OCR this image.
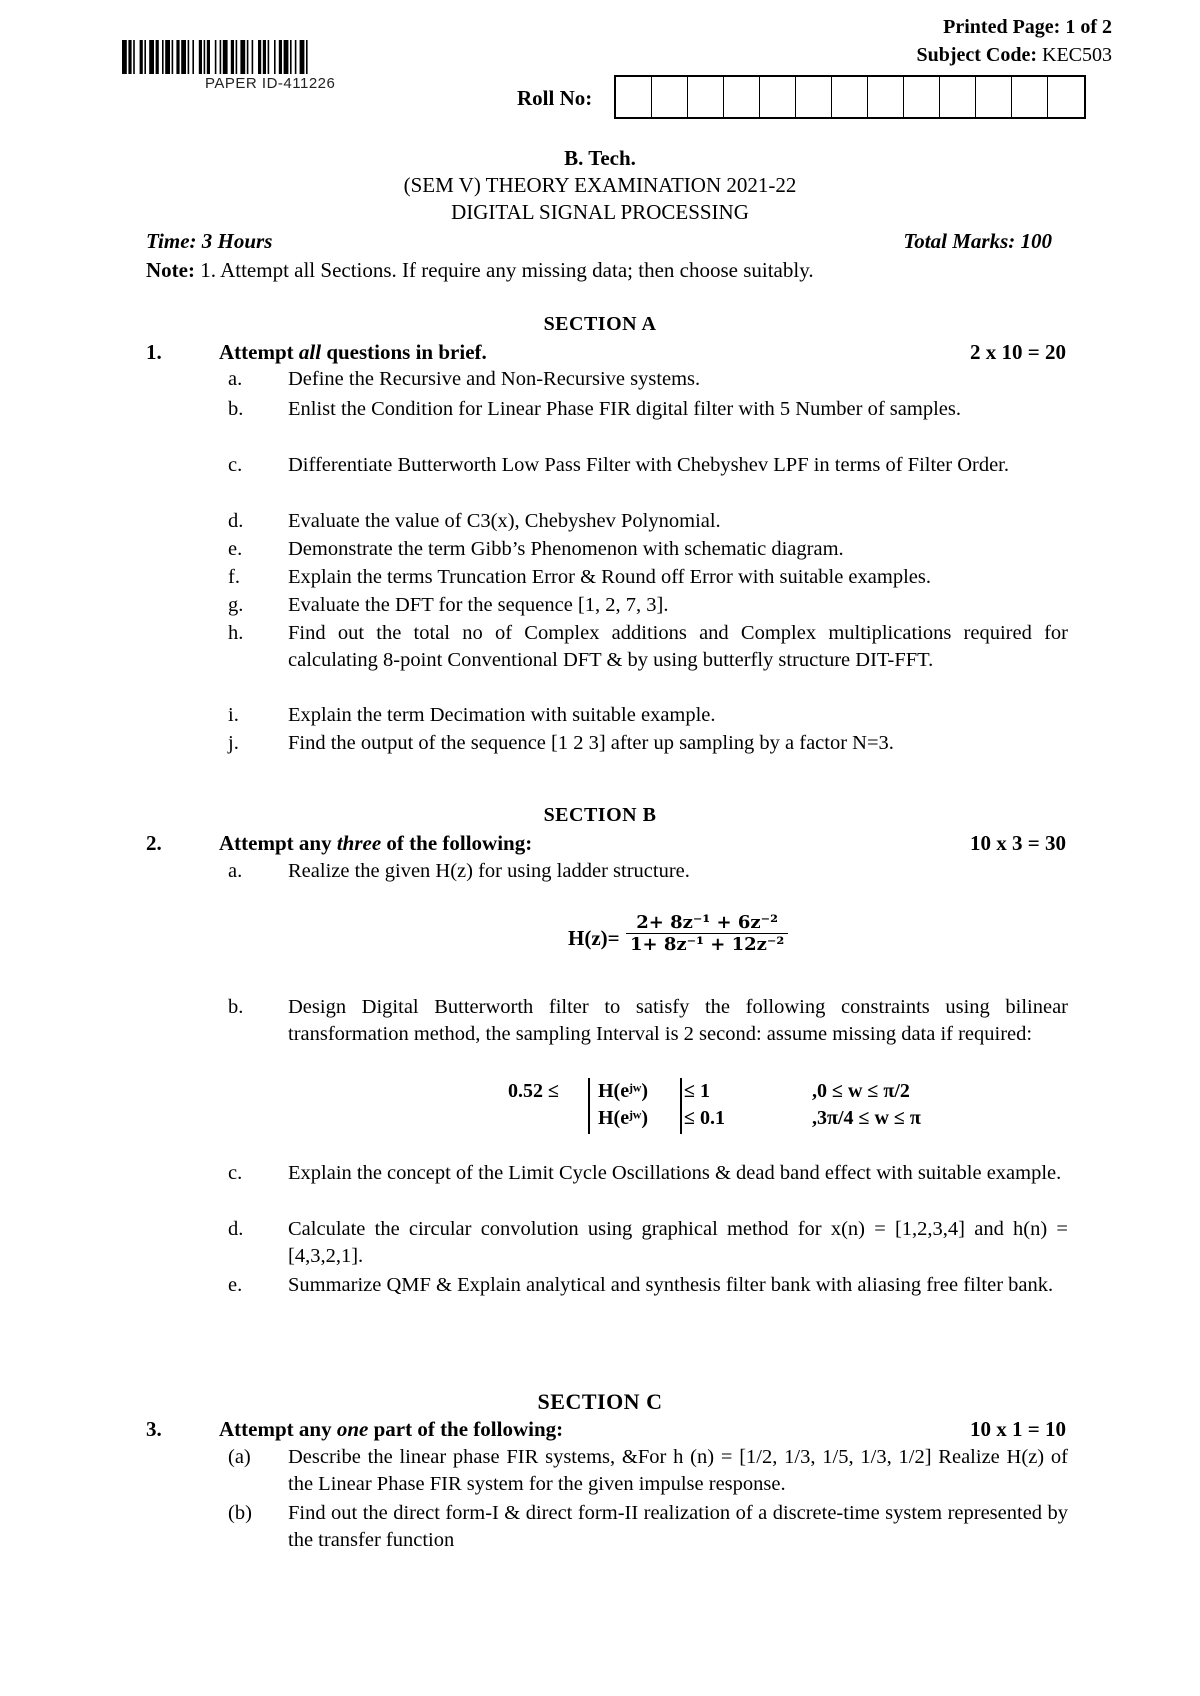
PAPER ID-411226
Printed Page: 1 of 2
Subject Code: KEC503
Roll No:
B. Tech.
(SEM V) THEORY EXAMINATION 2021-22
DIGITAL SIGNAL PROCESSING
Time: 3 Hours	Total Marks: 100
Note: 1. Attempt all Sections. If require any missing data; then choose suitably.
SECTION A
1.	Attempt all questions in brief.	2 x 10 = 20
a. Define the Recursive and Non-Recursive systems.
b. Enlist the Condition for Linear Phase FIR digital filter with 5 Number of samples.
c. Differentiate Butterworth Low Pass Filter with Chebyshev LPF in terms of Filter Order.
d. Evaluate the value of C3(x), Chebyshev Polynomial.
e. Demonstrate the term Gibb’s Phenomenon with schematic diagram.
f. Explain the terms Truncation Error & Round off Error with suitable examples.
g. Evaluate the DFT for the sequence [1, 2, 7, 3].
h. Find out the total no of Complex additions and Complex multiplications required for calculating 8-point Conventional DFT & by using butterfly structure DIT-FFT.
i. Explain the term Decimation with suitable example.
j. Find the output of the sequence [1 2 3] after up sampling by a factor N=3.
SECTION B
2.	Attempt any three of the following:	10 x 3 = 30
a. Realize the given H(z) for using ladder structure.
b. Design Digital Butterworth filter to satisfy the following constraints using bilinear transformation method, the sampling Interval is 2 second: assume missing data if required:
c. Explain the concept of the Limit Cycle Oscillations & dead band effect with suitable example.
d. Calculate the circular convolution using graphical method for x(n) = [1,2,3,4] and h(n) = [4,3,2,1].
e. Summarize QMF & Explain analytical and synthesis filter bank with aliasing free filter bank.
$H(z)= \frac{\text{2+ 8z⁻¹ + 6z⁻²}}{\text{1+ 8z⁻¹ + 12z⁻²}}$
0.52 ≤ H(eʲʷ)
H(eʲʷ)
≤ 1
≤ 0.1
,0 ≤ w ≤ π/2
,3π/4 ≤ w ≤ π
SECTION C
3.	Attempt any one part of the following:	10 x 1 = 10
(a) Describe the linear phase FIR systems, &For h (n) = [1/2, 1/3, 1/5, 1/3, 1/2] Realize H(z) of the Linear Phase FIR system for the given impulse response.
(b) Find out the direct form-I & direct form-II realization of a discrete-time system represented by the transfer function
